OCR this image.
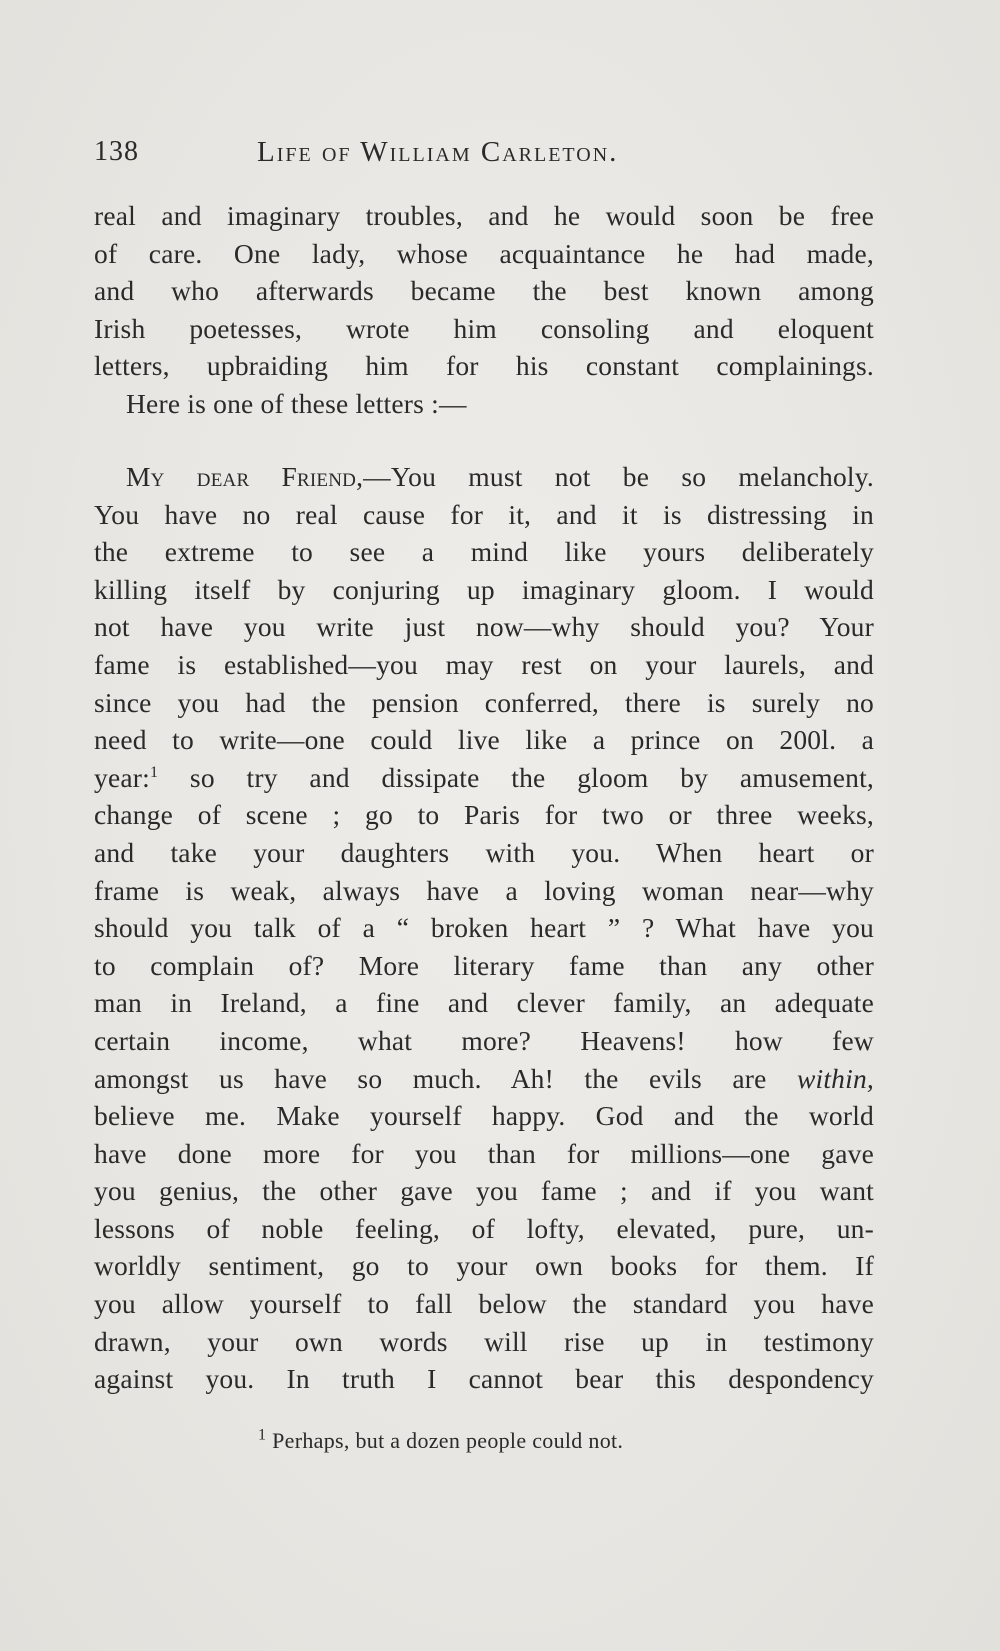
138	Life of William Carleton.
real and imaginary troubles, and he would soon be free
of care. One lady, whose acquaintance he had made,
and who afterwards became the best known among
Irish poetesses, wrote him consoling and eloquent
letters, upbraiding him for his constant complainings.
Here is one of these letters :—
My dear Friend,—You must not be so melancholy.
You have no real cause for it, and it is distressing in
the extreme to see a mind like yours deliberately
killing itself by conjuring up imaginary gloom. I would
not have you write just now—why should you? Your
fame is established—you may rest on your laurels, and
since you had the pension conferred, there is surely no
need to write—one could live like a prince on 200l. a
year:$^1$ so try and dissipate the gloom by amusement,
change of scene ; go to Paris for two or three weeks,
and take your daughters with you. When heart or
frame is weak, always have a loving woman near—why
should you talk of a “ broken heart ” ? What have you
to complain of? More literary fame than any other
man in Ireland, a fine and clever family, an adequate
certain income, what more? Heavens! how few
amongst us have so much. Ah! the evils are within,
believe me. Make yourself happy. God and the world
have done more for you than for millions—one gave
you genius, the other gave you fame ; and if you want
lessons of noble feeling, of lofty, elevated, pure, un-
worldly sentiment, go to your own books for them. If
you allow yourself to fall below the standard you have
drawn, your own words will rise up in testimony
against you. In truth I cannot bear this despondency
$^1$ Perhaps, but a dozen people could not.
